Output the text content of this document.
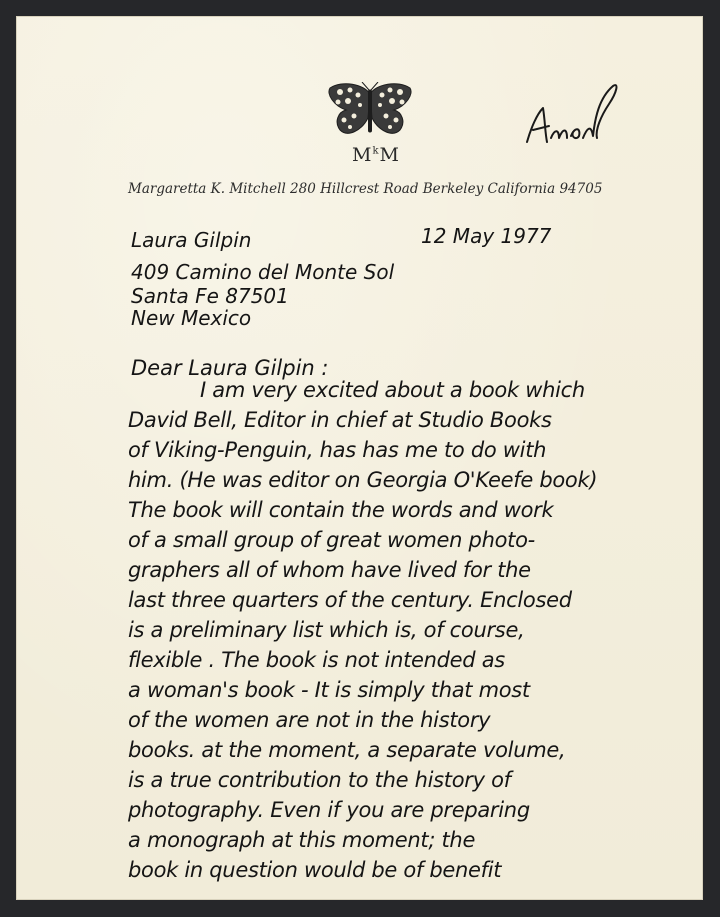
$M^kM$
Margaretta K. Mitchell 280 Hillcrest Road Berkeley California 94705
12 May 1977
Laura Gilpin
409 Camino del Monte Sol
Santa Fe 87501
New Mexico
Dear Laura Gilpin :
I am very excited about a book which
David Bell, Editor in chief at Studio Books
of Viking-Penguin, has has me to do with
him. (He was editor on Georgia O'Keefe book)
The book will contain the words and work
of a small group of great women photo-
graphers all of whom have lived for the
last three quarters of the century. Enclosed
is a preliminary list which is, of course,
flexible . The book is not intended as
a woman's book - It is simply that most
of the women are not in the history
books. at the moment, a separate volume,
is a true contribution to the history of
photography. Even if you are preparing
a monograph at this moment; the
book in question would be of benefit
